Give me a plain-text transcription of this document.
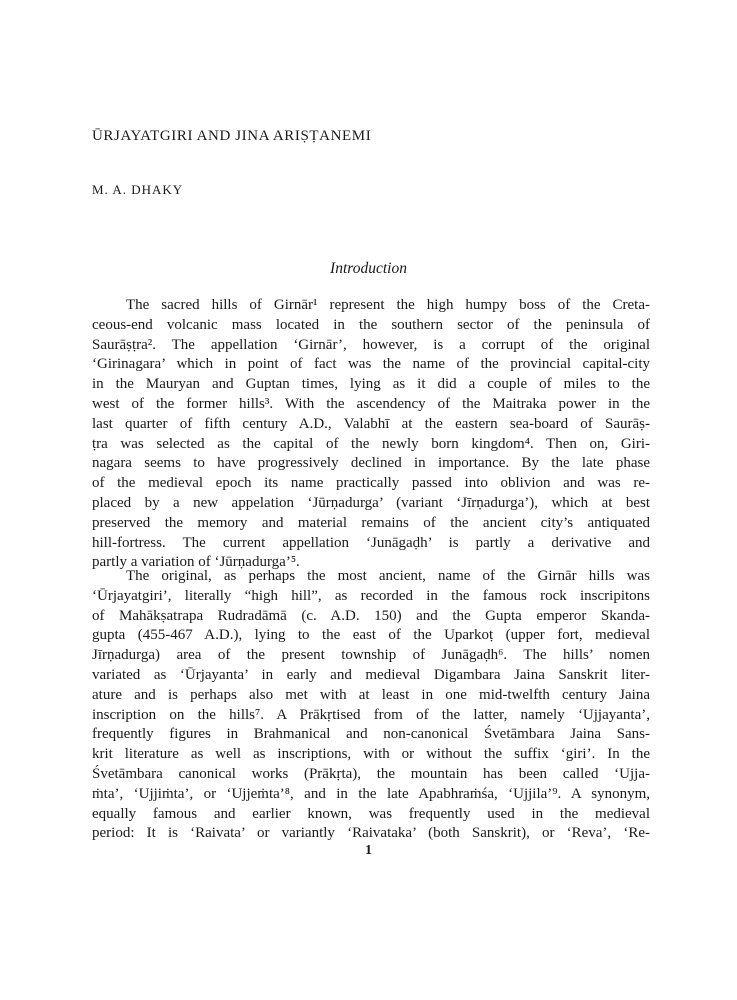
ŪRJAYATGIRI AND JINA ARIṢṬANEMI
M. A. DHAKY
Introduction
The sacred hills of Girnār¹ represent the high humpy boss of the Creta-
ceous-end volcanic mass located in the southern sector of the peninsula of
Saurāṣṭra². The appellation ‘Girnār’, however, is a corrupt of the original
‘Girinagara’ which in point of fact was the name of the provincial capital-city
in the Mauryan and Guptan times, lying as it did a couple of miles to the
west of the former hills³. With the ascendency of the Maitraka power in the
last quarter of fifth century A.D., Valabhī at the eastern sea-board of Saurāṣ-
ṭra was selected as the capital of the newly born kingdom⁴. Then on, Giri-
nagara seems to have progressively declined in importance. By the late phase
of the medieval epoch its name practically passed into oblivion and was re-
placed by a new appelation ‘Jūrṇadurga’ (variant ‘Jīrṇadurga’), which at best
preserved the memory and material remains of the ancient city’s antiquated
hill-fortress. The current appellation ‘Junāgaḍh’ is partly a derivative and
partly a variation of ‘Jūrṇadurga’⁵.
The original, as perhaps the most ancient, name of the Girnār hills was
‘Ūrjayatgiri’, literally “high hill”, as recorded in the famous rock inscripitons
of Mahākṣatrapa Rudradāmā (c. A.D. 150) and the Gupta emperor Skanda-
gupta (455-467 A.D.), lying to the east of the Uparkoṭ (upper fort, medieval
Jīrṇadurga) area of the present township of Junāgaḍh⁶. The hills’ nomen
variated as ‘Ūrjayanta’ in early and medieval Digambara Jaina Sanskrit liter-
ature and is perhaps also met with at least in one mid-twelfth century Jaina
inscription on the hills⁷. A Prākṛtised from of the latter, namely ‘Ujjayanta’,
frequently figures in Brahmanical and non-canonical Śvetāmbara Jaina Sans-
krit literature as well as inscriptions, with or without the suffix ‘giri’. In the
Śvetāmbara canonical works (Prākṛta), the mountain has been called ‘Ujja-
ṁta’, ‘Ujjiṁta’, or ‘Ujjeṁta’⁸, and in the late Apabhraṁśa, ‘Ujjila’⁹. A synonym,
equally famous and earlier known, was frequently used in the medieval
period: It is ‘Raivata’ or variantly ‘Raivataka’ (both Sanskrit), or ‘Reva’, ‘Re-
1
